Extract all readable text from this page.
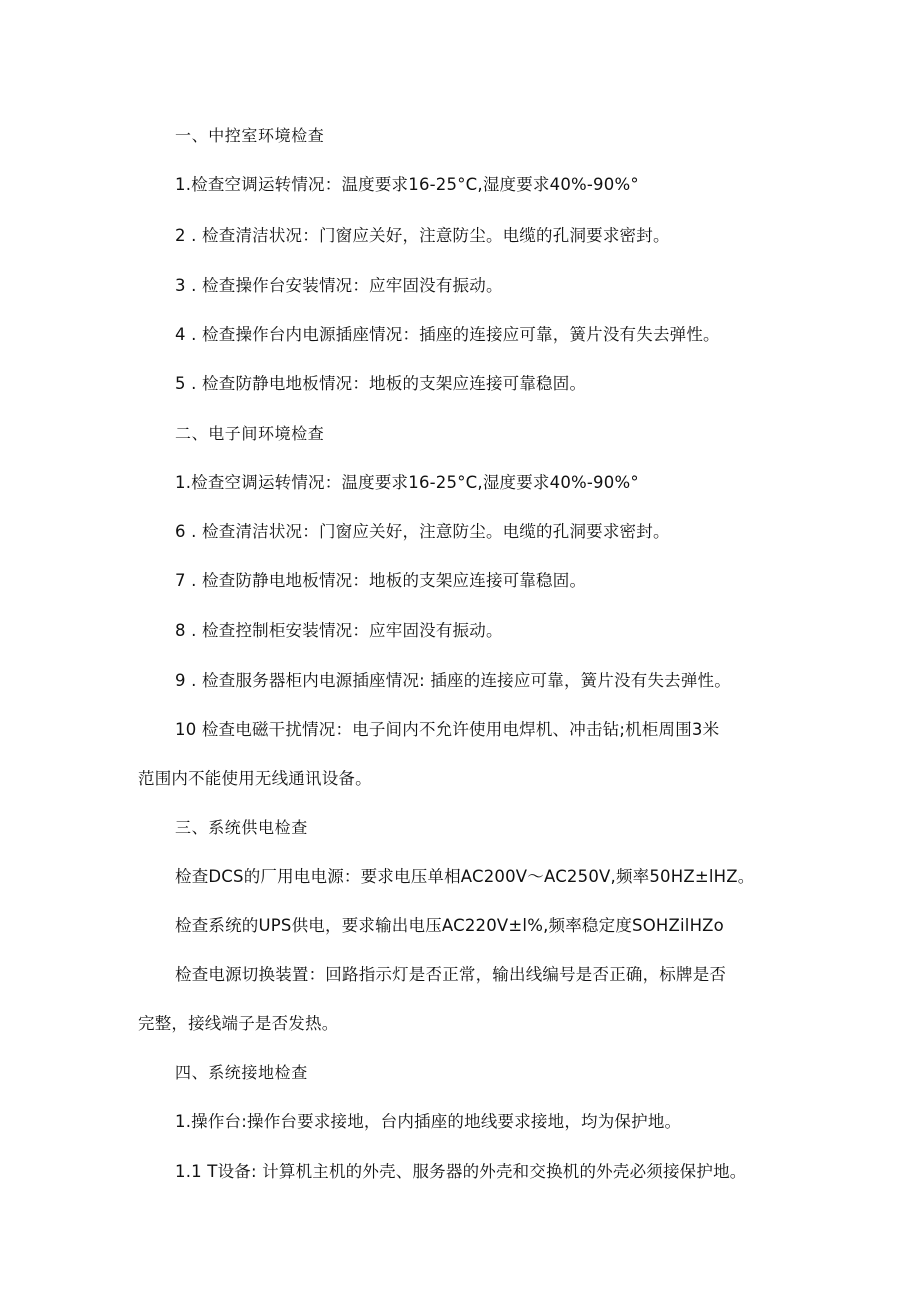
一、中控室环境检查
1.检查空调运转情况：温度要求16-25°C,湿度要求40%-90%°
2 . 检查清洁状况：门窗应关好，注意防尘。电缆的孔洞要求密封。
3 . 检查操作台安装情况：应牢固没有振动。
4 . 检查操作台内电源插座情况：插座的连接应可靠，簧片没有失去弹性。
5 . 检查防静电地板情况：地板的支架应连接可靠稳固。
二、电子间环境检查
1.检查空调运转情况：温度要求16-25°C,湿度要求40%-90%°
6 . 检查清洁状况：门窗应关好，注意防尘。电缆的孔洞要求密封。
7 . 检查防静电地板情况：地板的支架应连接可靠稳固。
8 . 检查控制柜安装情况：应牢固没有振动。
9 . 检查服务器柜内电源插座情况: 插座的连接应可靠，簧片没有失去弹性。
10 检查电磁干扰情况：电子间内不允许使用电焊机、冲击钻;机柜周围3米
范围内不能使用无线通讯设备。
三、系统供电检查
检查DCS的厂用电电源：要求电压单相AC200V～AC250V,频率50HZ±lHZ。
检查系统的UPS供电，要求输出电压AC220V±l%,频率稳定度SOHZilHZo
检查电源切换装置：回路指示灯是否正常，输出线编号是否正确，标牌是否
完整，接线端子是否发热。
四、系统接地检查
1.操作台:操作台要求接地，台内插座的地线要求接地，均为保护地。
1.1 T设备: 计算机主机的外壳、服务器的外壳和交换机的外壳必须接保护地。
